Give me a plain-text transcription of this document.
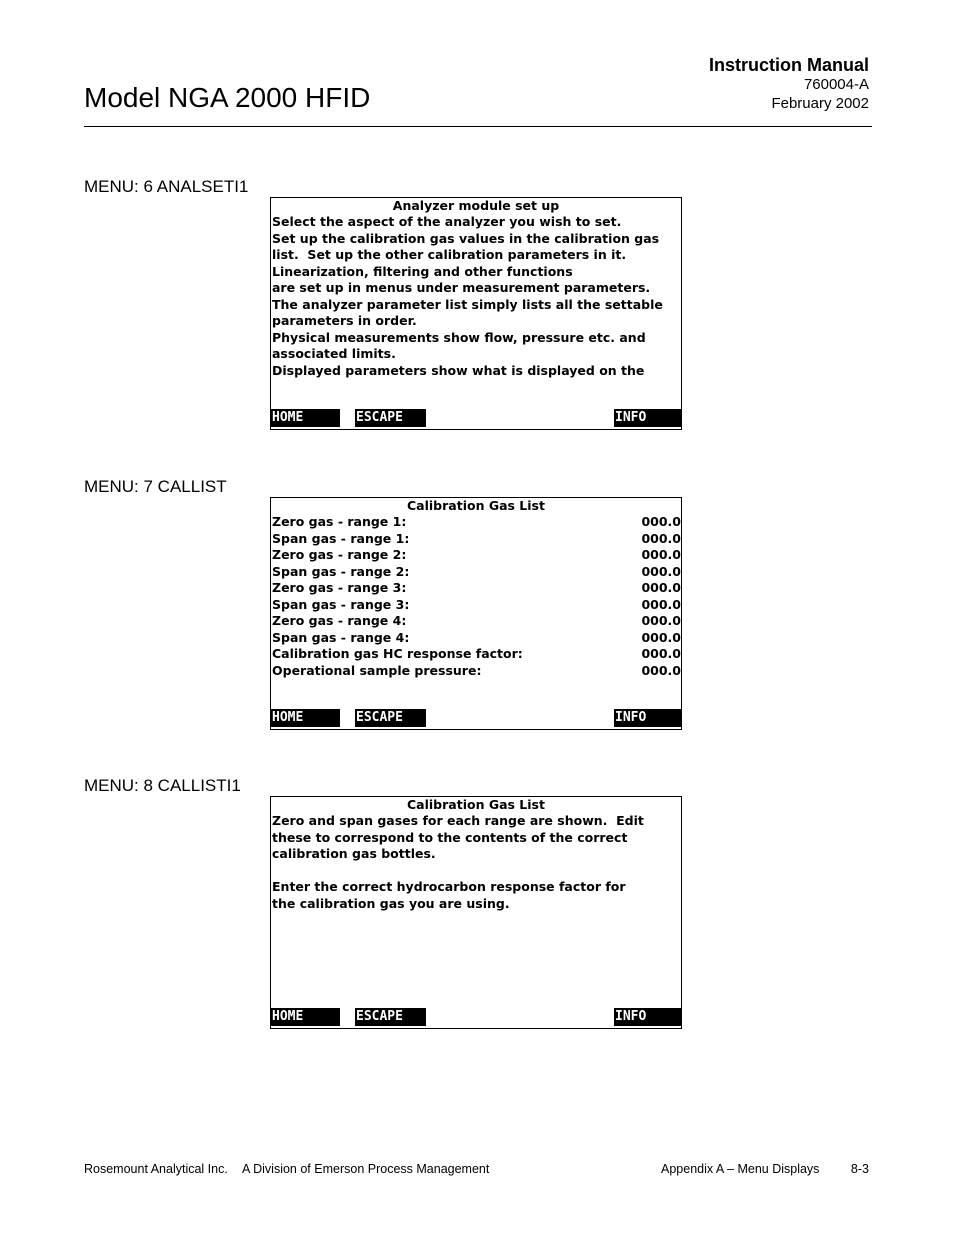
Model NGA 2000 HFID
Instruction Manual
760004-A
February 2002
MENU: 6 ANALSETI1
Analyzer module set up
Select the aspect of the analyzer you wish to set.
Set up the calibration gas values in the calibration gas
list.  Set up the other calibration parameters in it.
Linearization, filtering and other functions
are set up in menus under measurement parameters.
The analyzer parameter list simply lists all the settable
parameters in order.
Physical measurements show flow, pressure etc. and
associated limits.
Displayed parameters show what is displayed on the
HOME	ESCAPE	INFO
MENU: 7 CALLIST
Calibration Gas List
Zero gas - range 1:	000.0
Span gas - range 1:	000.0
Zero gas - range 2:	000.0
Span gas - range 2:	000.0
Zero gas - range 3:	000.0
Span gas - range 3:	000.0
Zero gas - range 4:	000.0
Span gas - range 4:	000.0
Calibration gas HC response factor:	000.0
Operational sample pressure:	000.0
HOME	ESCAPE	INFO
MENU: 8 CALLISTI1
Calibration Gas List
Zero and span gases for each range are shown.  Edit
these to correspond to the contents of the correct
calibration gas bottles.
Enter the correct hydrocarbon response factor for
the calibration gas you are using.
HOME	ESCAPE	INFO
Rosemount Analytical Inc. A Division of Emerson Process Management	Appendix A – Menu Displays	8-3
